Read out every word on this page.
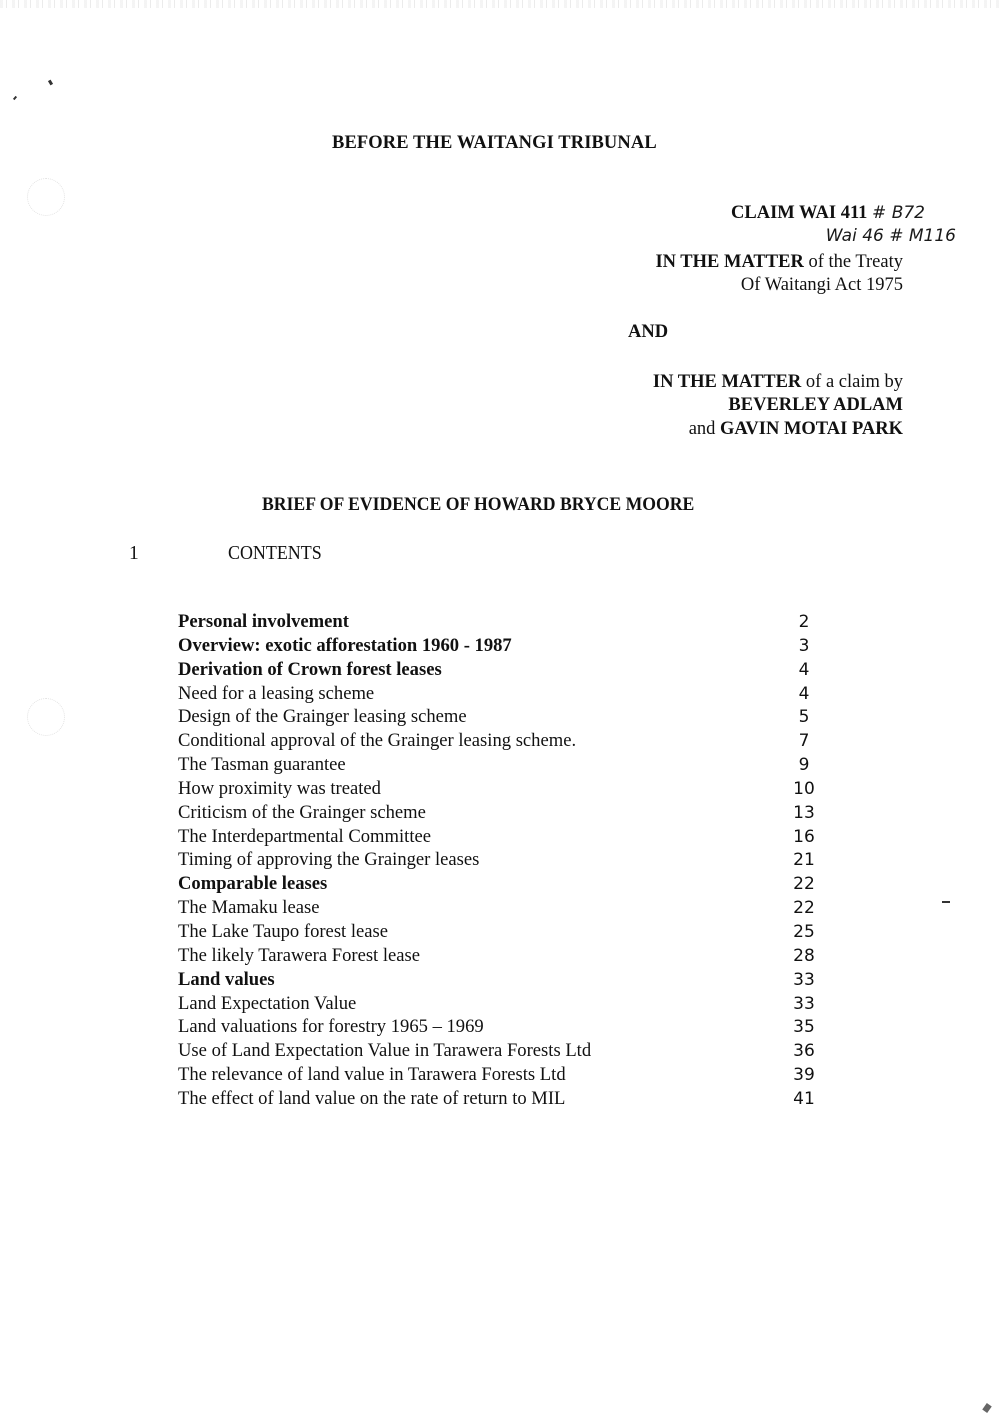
BEFORE THE WAITANGI TRIBUNAL
CLAIM WAI 411 # B72
Wai 46 # M116
IN THE MATTER of the Treaty
Of Waitangi Act 1975
AND
IN THE MATTER of a claim by
BEVERLEY ADLAM
and GAVIN MOTAI PARK
BRIEF OF EVIDENCE OF HOWARD BRYCE MOORE
1	CONTENTS
Personal involvement	2
Overview: exotic afforestation 1960 - 1987	3
Derivation of Crown forest leases	4
Need for a leasing scheme	4
Design of the Grainger leasing scheme	5
Conditional approval of the Grainger leasing scheme.	7
The Tasman guarantee	9
How proximity was treated	10
Criticism of the Grainger scheme	13
The Interdepartmental Committee	16
Timing of approving the Grainger leases	21
Comparable leases	22
The Mamaku lease	22
The Lake Taupo forest lease	25
The likely Tarawera Forest lease	28
Land values	33
Land Expectation Value	33
Land valuations for forestry 1965 – 1969	35
Use of Land Expectation Value in Tarawera Forests Ltd	36
The relevance of land value in Tarawera Forests Ltd	39
The effect of land value on the rate of return to MIL	41
